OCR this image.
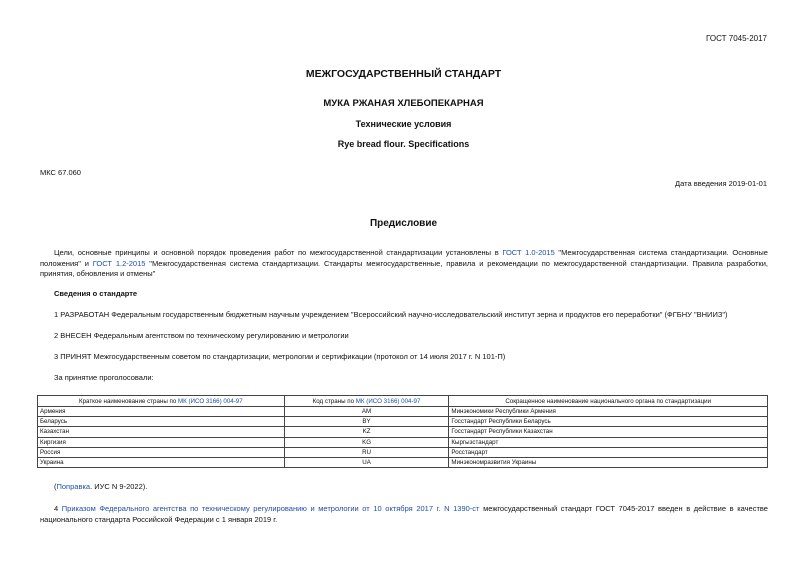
ГОСТ 7045-2017
МЕЖГОСУДАРСТВЕННЫЙ СТАНДАРТ
МУКА РЖАНАЯ ХЛЕБОПЕКАРНАЯ
Технические условия
Rye bread flour. Specifications
МКС 67.060
Дата введения 2019-01-01
Предисловие
Цели, основные принципы и основной порядок проведения работ по межгосударственной стандартизации установлены в ГОСТ 1.0-2015 "Межгосударственная система стандартизации. Основные положения" и ГОСТ 1.2-2015 "Межгосударственная система стандартизации. Стандарты межгосударственные, правила и рекомендации по межгосударственной стандартизации. Правила разработки, принятия, обновления и отмены"
Сведения о стандарте
1 РАЗРАБОТАН Федеральным государственным бюджетным научным учреждением "Всероссийский научно-исследовательский институт зерна и продуктов его переработки" (ФГБНУ "ВНИИЗ")
2 ВНЕСЕН Федеральным агентством по техническому регулированию и метрологии
3 ПРИНЯТ Межгосударственным советом по стандартизации, метрологии и сертификации (протокол от 14 июля 2017 г. N 101-П)
За принятие проголосовали:
Краткое наименование страны по МК (ИСО 3166) 004-97	Код страны по МК (ИСО 3166) 004-97	Сокращенное наименование национального органа по стандартизации
Армения	AM	Минэкономики Республики Армения
Беларусь	BY	Госстандарт Республики Беларусь
Казахстан	KZ	Госстандарт Республики Казахстан
Киргизия	KG	Кыргызстандарт
Россия	RU	Росстандарт
Украина	UA	Минэкономразвития Украины
(Поправка. ИУС N 9-2022).
4 Приказом Федерального агентства по техническому регулированию и метрологии от 10 октября 2017 г. N 1390-ст межгосударственный стандарт ГОСТ 7045-2017 введен в действие в качестве национального стандарта Российской Федерации с 1 января 2019 г.
